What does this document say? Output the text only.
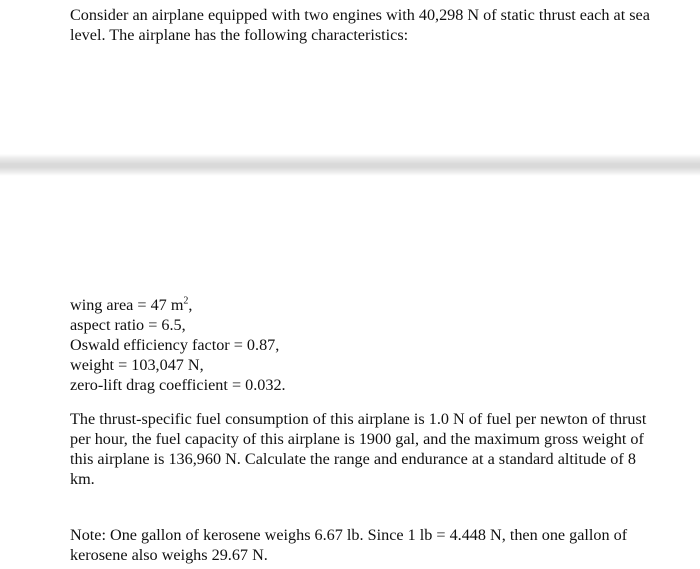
Consider an airplane equipped with two engines with 40,298 N of static thrust each at sea level. The airplane has the following characteristics:

wing area = 47 $m^2$,
aspect ratio = 6.5,
Oswald efficiency factor = 0.87,
weight = 103,047 N,
zero-lift drag coefficient = 0.032.

The thrust-specific fuel consumption of this airplane is 1.0 N of fuel per newton of thrust per hour, the fuel capacity of this airplane is 1900 gal, and the maximum gross weight of this airplane is 136,960 N. Calculate the range and endurance at a standard altitude of 8 km.

Note: One gallon of kerosene weighs 6.67 lb. Since 1 lb = 4.448 N, then one gallon of kerosene also weighs 29.67 N.
